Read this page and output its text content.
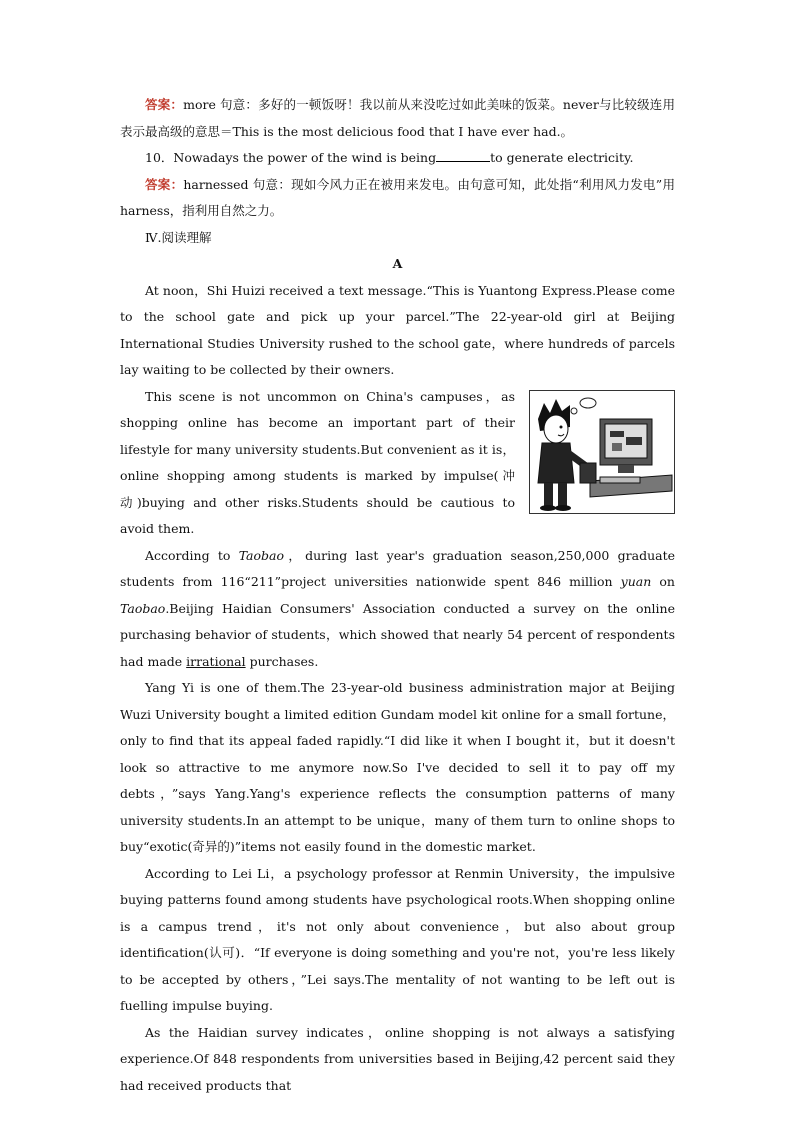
答案：more 句意：多好的一顿饭呀！我以前从来没吃过如此美味的饭菜。never与比较级连用表示最高级的意思＝This is the most delicious food that I have ever had.。

10．Nowadays the power of the wind is being	to generate electricity.

答案：harnessed 句意：现如今风力正在被用来发电。由句意可知，此处指“利用风力发电”用harness，指利用自然之力。

Ⅳ.阅读理解

A

At noon，Shi Huizi received a text message.“This is Yuantong Express.Please come to the school gate and pick up your parcel.”The 22-year-old girl at Beijing International Studies University rushed to the school gate，where hundreds of parcels lay waiting to be collected by their owners.

This scene is not uncommon on China's campuses，as shopping online has become an important part of their lifestyle for many university students.But convenient as it is，online shopping among students is marked by impulse(冲动)buying and other risks.Students should be cautious to avoid them.

According to Taobao，during last year's graduation season,250,000 graduate students from 116“211”project universities nationwide spent 846 million yuan on Taobao.Beijing Haidian Consumers' Association conducted a survey on the online purchasing behavior of students，which showed that nearly 54 percent of respondents had made irrational purchases.

Yang Yi is one of them.The 23-year-old business administration major at Beijing Wuzi University bought a limited edition Gundam model kit online for a small fortune，only to find that its appeal faded rapidly.“I did like it when I bought it，but it doesn't look so attractive to me anymore now.So I've decided to sell it to pay off my debts，”says Yang.Yang's experience reflects the consumption patterns of many university students.In an attempt to be unique，many of them turn to online shops to buy“exotic(奇异的)”items not easily found in the domestic market.

According to Lei Li，a psychology professor at Renmin University，the impulsive buying patterns found among students have psychological roots.When shopping online is a campus trend，it's not only about convenience，but also about group identification(认可)．“If everyone is doing something and you're not，you're less likely to be accepted by others，”Lei says.The mentality of not wanting to be left out is fuelling impulse buying.

As the Haidian survey indicates，online shopping is not always a satisfying experience.Of 848 respondents from universities based in Beijing,42 percent said they had received products that
